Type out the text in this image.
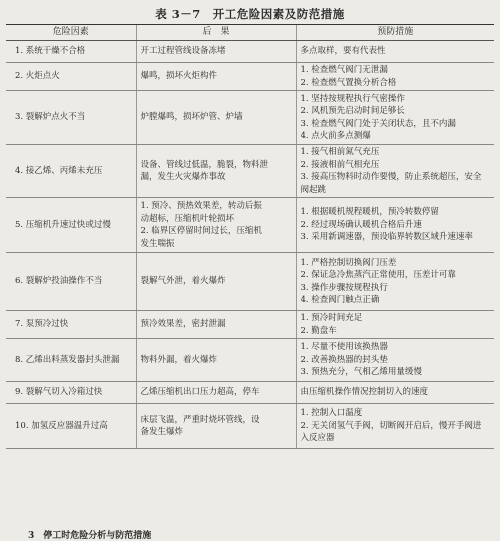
表 3－7　开工危险因素及防范措施
危险因素	后　果	预防措施

1. 系统干燥不合格	开工过程管线设备冻堵	多点取样，要有代表性

2. 火炬点火	爆鸣，损坏火炬构件	1. 检查燃气阀门无泄漏
2. 检查燃气置换分析合格

3. 裂解炉点火不当	炉膛爆鸣，损坏炉管、炉墙	1. 坚持按规程执行气密操作
2. 风机预先启动时间足够长
3. 检查燃气阀门处于关闭状态，且不内漏
4. 点火前多点测爆

4. 接乙烯、丙烯未充压	设备、管线过低温，脆裂，物料泄
漏，发生火灾爆炸事故	1. 接气相前氮气充压
2. 接液相前气相充压
3. 接高压物料时动作要慢，防止系统超压，安全
阀起跳

5. 压缩机升速过快或过慢	1. 预冷、预热效果差，转动后振
动超标，压缩机叶轮损坏
2. 临界区停留时间过长，压缩机
发生喘振	1. 根据暖机规程暖机，预冷转数停留
2. 经过现场确认暖机合格后升速
3. 采用新调速器，预设临界转数区域升速速率

6. 裂解炉投油操作不当	裂解气外泄，着火爆炸	1. 严格控制切换阀门压差
2. 保证急冷焦蒸汽正常使用，压差计可靠
3. 操作步骤按规程执行
4. 检查阀门触点正确

7. 泵预冷过快	预冷效果差，密封泄漏	1. 预冷时间充足
2. 勤盘车

8. 乙烯出料蒸发器封头泄漏	物料外漏，着火爆炸	1. 尽量不使用该换热器
2. 改善换热器的封头垫
3. 预热充分，气相乙烯用量缓慢

9. 裂解气切入冷箱过快	乙烯压缩机出口压力超高，停车	由压缩机操作情况控制切入的速度

10. 加氢反应器温升过高	床层飞温，严重时烧坏管线，设
备发生爆炸	1. 控制入口温度
2. 无关闭氢气手阀，切断阀开启后，慢开手阀进
入反应器
3　停工时危险分析与防范措施
